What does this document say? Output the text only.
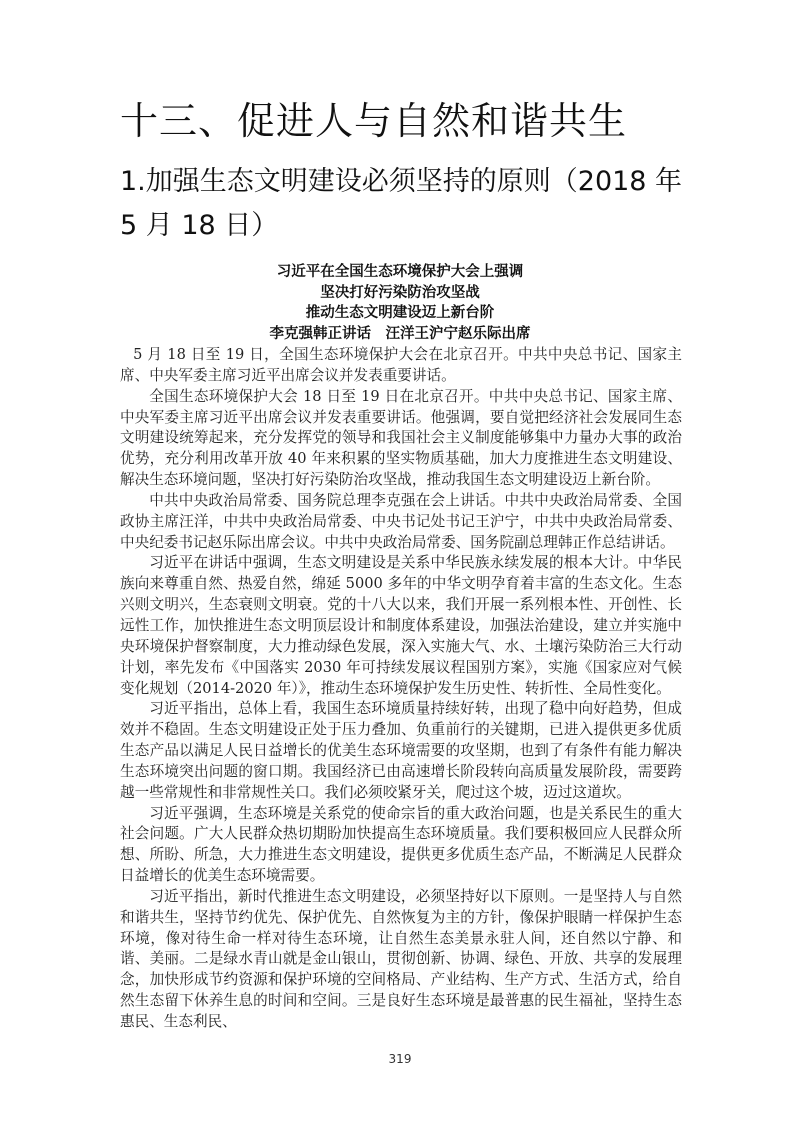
十三、促进人与自然和谐共生
1.加强生态文明建设必须坚持的原则（2018 年 5 月 18 日）
习近平在全国生态环境保护大会上强调
坚决打好污染防治攻坚战
推动生态文明建设迈上新台阶
李克强韩正讲话　汪洋王沪宁赵乐际出席

5 月 18 日至 19 日，全国生态环境保护大会在北京召开。中共中央总书记、国家主席、中央军委主席习近平出席会议并发表重要讲话。

全国生态环境保护大会 18 日至 19 日在北京召开。中共中央总书记、国家主席、中央军委主席习近平出席会议并发表重要讲话。他强调，要自觉把经济社会发展同生态文明建设统筹起来，充分发挥党的领导和我国社会主义制度能够集中力量办大事的政治优势，充分利用改革开放 40 年来积累的坚实物质基础，加大力度推进生态文明建设、解决生态环境问题，坚决打好污染防治攻坚战，推动我国生态文明建设迈上新台阶。

中共中央政治局常委、国务院总理李克强在会上讲话。中共中央政治局常委、全国政协主席汪洋，中共中央政治局常委、中央书记处书记王沪宁，中共中央政治局常委、中央纪委书记赵乐际出席会议。中共中央政治局常委、国务院副总理韩正作总结讲话。

习近平在讲话中强调，生态文明建设是关系中华民族永续发展的根本大计。中华民族向来尊重自然、热爱自然，绵延 5000 多年的中华文明孕育着丰富的生态文化。生态兴则文明兴，生态衰则文明衰。党的十八大以来，我们开展一系列根本性、开创性、长远性工作，加快推进生态文明顶层设计和制度体系建设，加强法治建设，建立并实施中央环境保护督察制度，大力推动绿色发展，深入实施大气、水、土壤污染防治三大行动计划，率先发布《中国落实 2030 年可持续发展议程国别方案》，实施《国家应对气候变化规划（2014-2020 年）》，推动生态环境保护发生历史性、转折性、全局性变化。

习近平指出，总体上看，我国生态环境质量持续好转，出现了稳中向好趋势，但成效并不稳固。生态文明建设正处于压力叠加、负重前行的关键期，已进入提供更多优质生态产品以满足人民日益增长的优美生态环境需要的攻坚期，也到了有条件有能力解决生态环境突出问题的窗口期。我国经济已由高速增长阶段转向高质量发展阶段，需要跨越一些常规性和非常规性关口。我们必须咬紧牙关，爬过这个坡，迈过这道坎。

习近平强调，生态环境是关系党的使命宗旨的重大政治问题，也是关系民生的重大社会问题。广大人民群众热切期盼加快提高生态环境质量。我们要积极回应人民群众所想、所盼、所急，大力推进生态文明建设，提供更多优质生态产品，不断满足人民群众日益增长的优美生态环境需要。

习近平指出，新时代推进生态文明建设，必须坚持好以下原则。一是坚持人与自然和谐共生，坚持节约优先、保护优先、自然恢复为主的方针，像保护眼睛一样保护生态环境，像对待生命一样对待生态环境，让自然生态美景永驻人间，还自然以宁静、和谐、美丽。二是绿水青山就是金山银山，贯彻创新、协调、绿色、开放、共享的发展理念，加快形成节约资源和保护环境的空间格局、产业结构、生产方式、生活方式，给自然生态留下休养生息的时间和空间。三是良好生态环境是最普惠的民生福祉，坚持生态惠民、生态利民、

319
